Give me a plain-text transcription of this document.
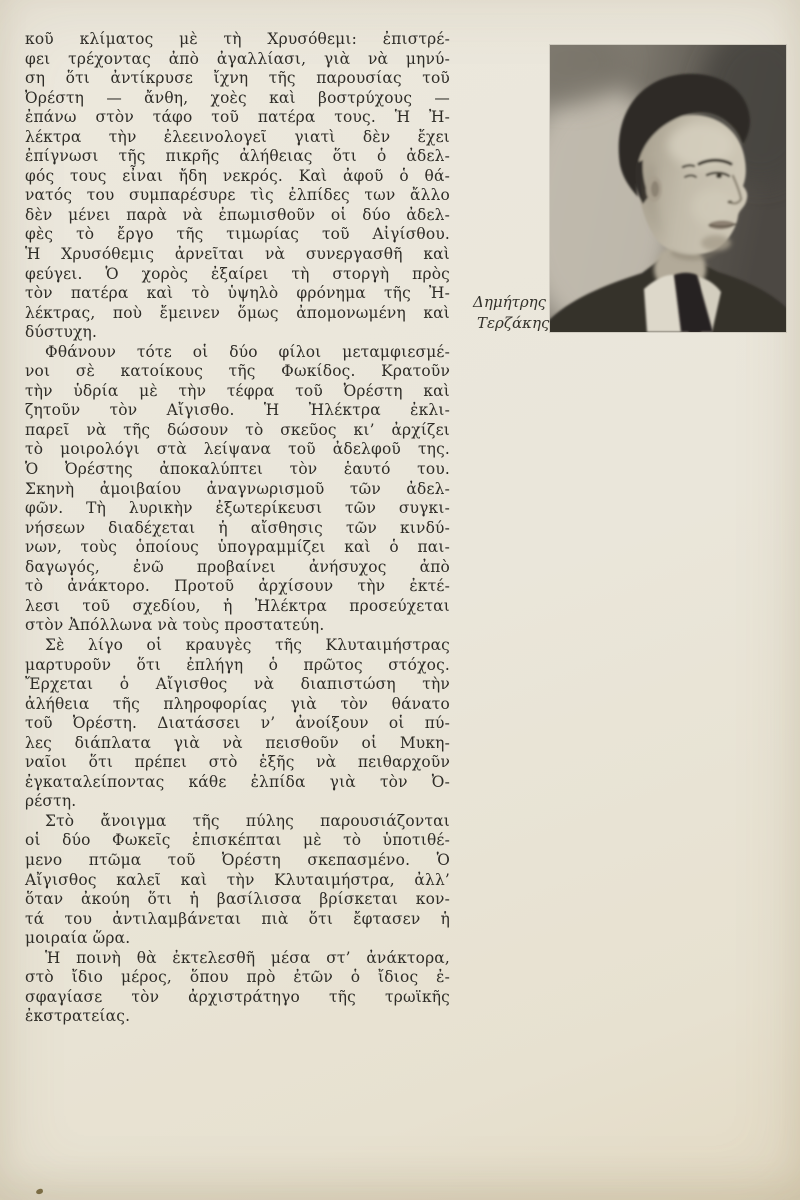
κοῦ κλίματος μὲ τὴ Χρυσόθεμι: ἐπιστρέ-
φει τρέχοντας ἀπὸ ἀγαλλίασι, γιὰ νὰ μηνύ-
ση ὅτι ἀντίκρυσε ἴχνη τῆς παρουσίας τοῦ
Ὀρέστη — ἄνθη, χοὲς καὶ βοστρύχους —
ἐπάνω στὸν τάφο τοῦ πατέρα τους. Ἡ Ἠ-
λέκτρα τὴν ἐλεεινολογεῖ γιατὶ δὲν ἔχει
ἐπίγνωσι τῆς πικρῆς ἀλήθειας ὅτι ὁ ἀδελ-
φός τους εἶναι ἤδη νεκρός. Καὶ ἀφοῦ ὁ θά-
νατός του συμπαρέσυρε τὶς ἐλπίδες των ἄλλο
δὲν μένει παρὰ νὰ ἐπωμισθοῦν οἱ δύο ἀδελ-
φὲς τὸ ἔργο τῆς τιμωρίας τοῦ Αἰγίσθου.
Ἡ Χρυσόθεμις ἀρνεῖται νὰ συνεργασθῆ καὶ
φεύγει. Ὁ χορὸς ἐξαίρει τὴ στοργὴ πρὸς
τὸν πατέρα καὶ τὸ ὑψηλὸ φρόνημα τῆς Ἠ-
λέκτρας, ποὺ ἔμεινεν ὅμως ἀπομονωμένη καὶ
δύστυχη.

Φθάνουν τότε οἱ δύο φίλοι μεταμφιεσμέ-
νοι σὲ κατοίκους τῆς Φωκίδος. Κρατοῦν
τὴν ὑδρία μὲ τὴν τέφρα τοῦ Ὀρέστη καὶ
ζητοῦν τὸν Αἴγισθο. Ἡ Ἠλέκτρα ἐκλι-
παρεῖ νὰ τῆς δώσουν τὸ σκεῦος κι’ ἀρχίζει
τὸ μοιρολόγι στὰ λείψανα τοῦ ἀδελφοῦ της.
Ὁ Ὀρέστης ἀποκαλύπτει τὸν ἑαυτό του.
Σκηνὴ ἀμοιβαίου ἀναγνωρισμοῦ τῶν ἀδελ-
φῶν. Τὴ λυρικὴν ἐξωτερίκευσι τῶν συγκι-
νήσεων διαδέχεται ἡ αἴσθησις τῶν κινδύ-
νων, τοὺς ὁποίους ὑπογραμμίζει καὶ ὁ παι-
δαγωγός, ἐνῶ προβαίνει ἀνήσυχος ἀπὸ
τὸ ἀνάκτορο. Προτοῦ ἀρχίσουν τὴν ἐκτέ-
λεσι τοῦ σχεδίου, ἡ Ἠλέκτρα προσεύχεται
στὸν Ἀπόλλωνα νὰ τοὺς προστατεύη.

Σὲ λίγο οἱ κραυγὲς τῆς Κλυταιμήστρας
μαρτυροῦν ὅτι ἐπλήγη ὁ πρῶτος στόχος.
Ἔρχεται ὁ Αἴγισθος νὰ διαπιστώση τὴν
ἀλήθεια τῆς πληροφορίας γιὰ τὸν θάνατο
τοῦ Ὀρέστη. Διατάσσει ν’ ἀνοίξουν οἱ πύ-
λες διάπλατα γιὰ νὰ πεισθοῦν οἱ Μυκη-
ναῖοι ὅτι πρέπει στὸ ἑξῆς νὰ πειθαρχοῦν
ἐγκαταλείποντας κάθε ἐλπίδα γιὰ τὸν Ὀ-
ρέστη.

Στὸ ἄνοιγμα τῆς πύλης παρουσιάζονται
οἱ δύο Φωκεῖς ἐπισκέπται μὲ τὸ ὑποτιθέ-
μενο πτῶμα τοῦ Ὀρέστη σκεπασμένο. Ὁ
Αἴγισθος καλεῖ καὶ τὴν Κλυταιμήστρα, ἀλλ’
ὅταν ἀκούη ὅτι ἡ βασίλισσα βρίσκεται κον-
τά του ἀντιλαμβάνεται πιὰ ὅτι ἔφτασεν ἡ
μοιραία ὥρα.

Ἡ ποινὴ θὰ ἐκτελεσθῆ μέσα στ’ ἀνάκτορα,
στὸ ἴδιο μέρος, ὅπου πρὸ ἐτῶν ὁ ἴδιος ἐ-
σφαγίασε τὸν ἀρχιστράτηγο τῆς τρωϊκῆς
ἐκστρατείας.

Δημήτρης
Τερζάκης
